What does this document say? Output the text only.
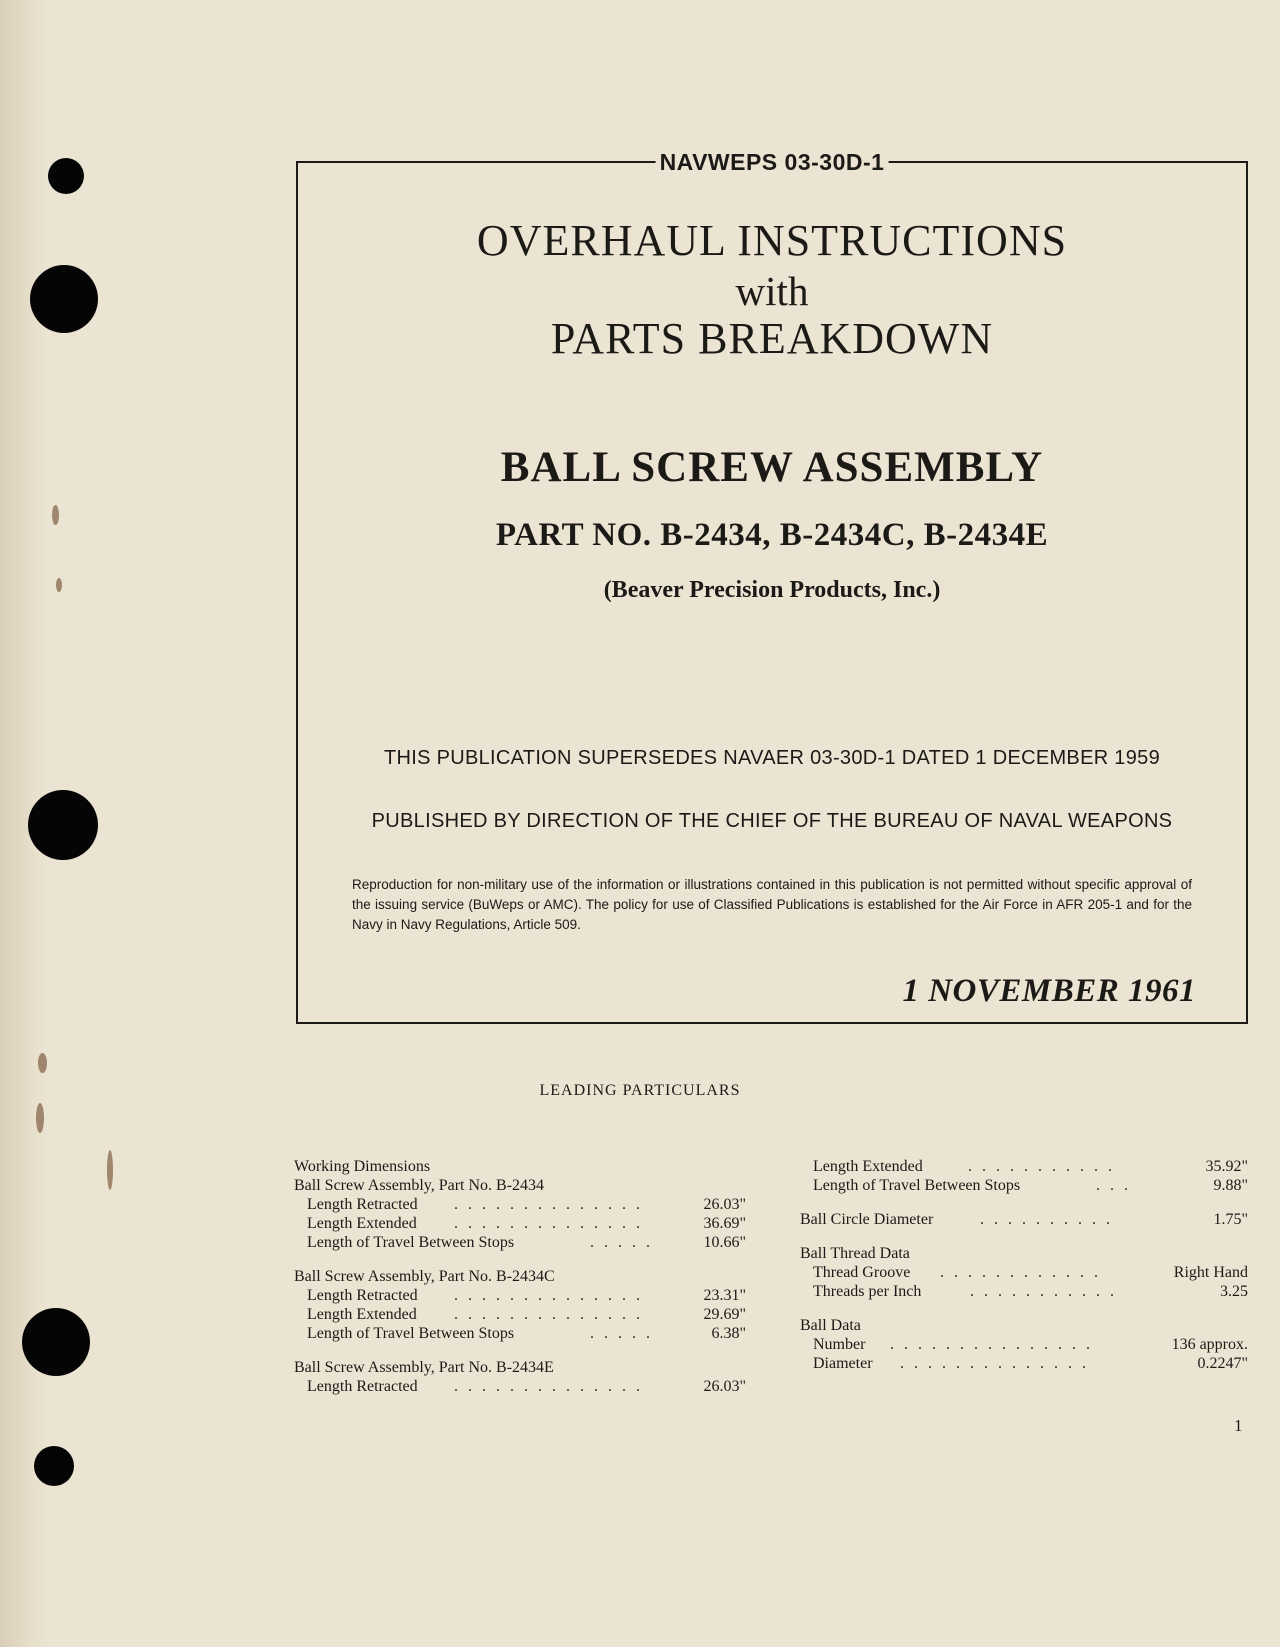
NAVWEPS 03-30D-1
OVERHAUL INSTRUCTIONS
with
PARTS BREAKDOWN
BALL SCREW ASSEMBLY
PART NO. B-2434, B-2434C, B-2434E
(Beaver Precision Products, Inc.)
THIS PUBLICATION SUPERSEDES NAVAER 03-30D-1 DATED 1 DECEMBER 1959
PUBLISHED BY DIRECTION OF THE CHIEF OF THE BUREAU OF NAVAL WEAPONS
Reproduction for non-military use of the information or illustrations contained in this publication is not permitted without specific approval of the issuing service (BuWeps or AMC). The policy for use of Classified Publications is established for the Air Force in AFR 205-1 and for the Navy in Navy Regulations, Article 509.
1 NOVEMBER 1961
LEADING PARTICULARS
Working Dimensions
Ball Screw Assembly, Part No. B-2434
Length Retracted . . . . . . . . . . . . . .	26.03"
Length Extended . . . . . . . . . . . . . .	36.69"
Length of Travel Between Stops	. . . . .	10.66"
Ball Screw Assembly, Part No. B-2434C
Length Retracted . . . . . . . . . . . . . .	23.31"
Length Extended . . . . . . . . . . . . . .	29.69"
Length of Travel Between Stops	. . . . .	6.38"
Ball Screw Assembly, Part No. B-2434E
Length Retracted . . . . . . . . . . . . . .	26.03"
Length Extended	. . . . . . . . . . .	35.92"
Length of Travel Between Stops	. . .	9.88"
Ball Circle Diameter	. . . . . . . . . .	1.75"
Ball Thread Data
Thread Groove . . . . . . . . . . . .	Right Hand
Threads per Inch	. . . . . . . . . . .	3.25
Ball Data
Number . . . . . . . . . . . . . . .	136 approx.
Diameter . . . . . . . . . . . . . .	0.2247"
1
